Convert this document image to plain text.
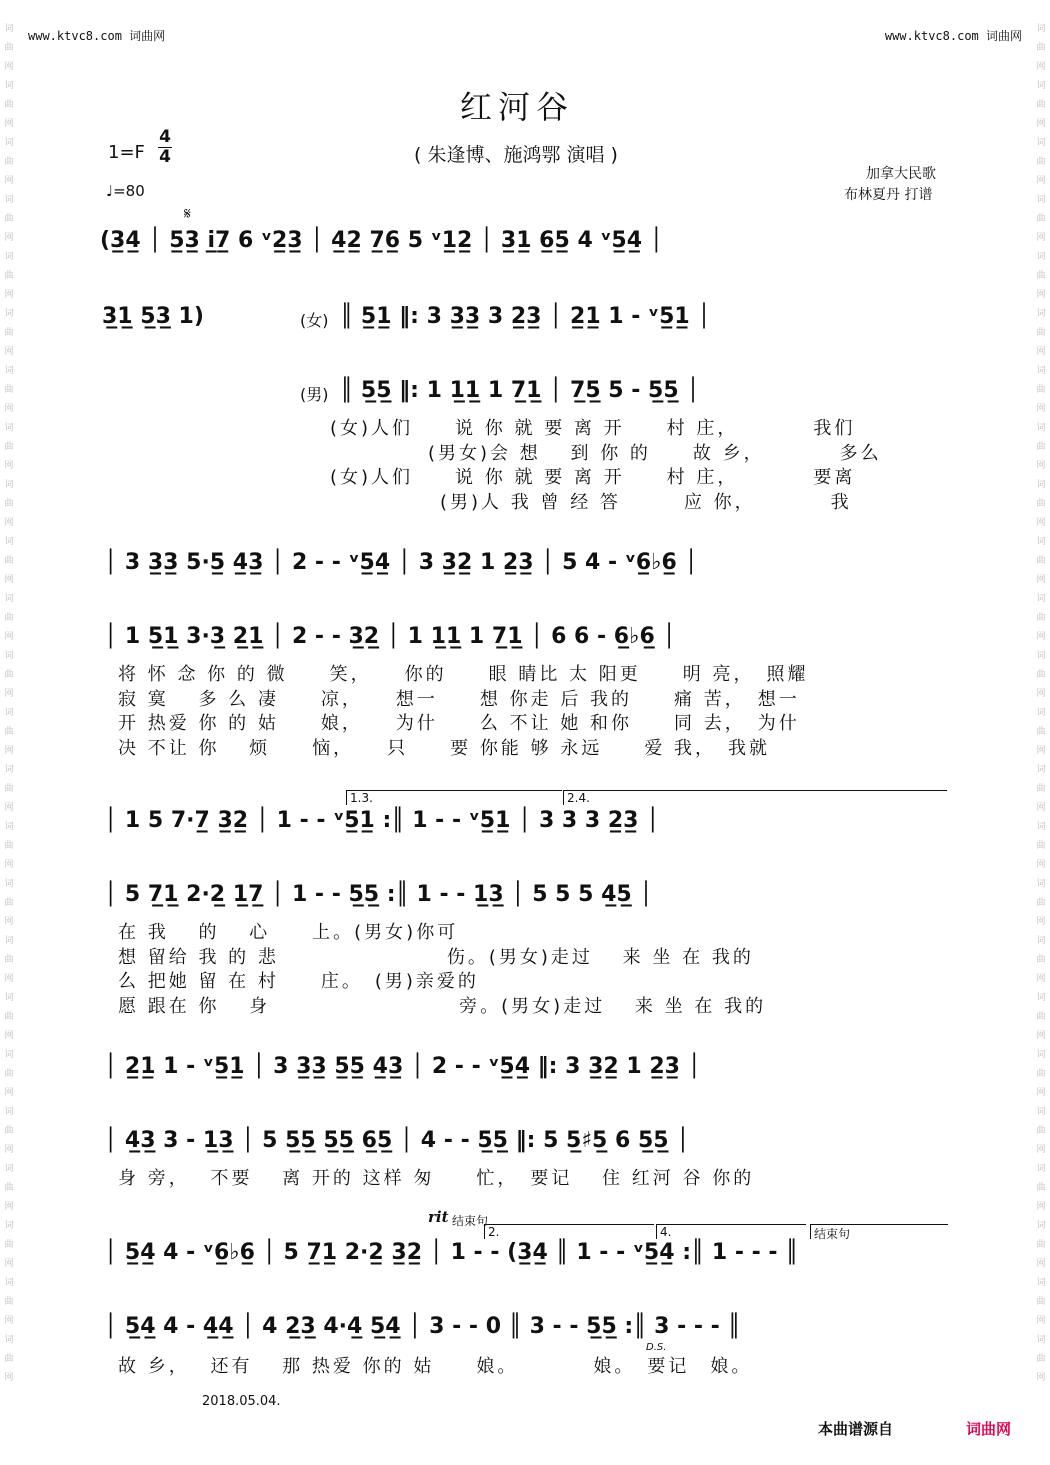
词曲网
词曲网
词曲网
词曲网
词曲网
词曲网
词曲网
词曲网
词曲网
词曲网
词曲网
词曲网
词曲网
词曲网
词曲网
词曲网
词曲网
词曲网
词曲网
词曲网
词曲网
词曲网
词曲网
词曲网
词曲网
词曲网
词曲网
词曲网
词曲网
词曲网
词曲网
词曲网
词曲网
词曲网
词曲网
词曲网
词曲网
词曲网
词曲网
词曲网
词曲网
词曲网
词曲网
词曲网
词曲网
词曲网
词曲网
词曲网
www.ktvc8.com 词曲网	www.ktvc8.com 词曲网
红河谷
( 朱逢博、施鸿鄂 演唱 )
1=F
4
4
♩=80
加拿大民歌
布林夏丹 打谱
𝄋
(3̲4̲ │ 5̲3̲ i̲7̲ 6 ᵛ2̲3̲ │ 4̲2̲ 7̲6̲ 5 ᵛ1̲2̲ │ 3̲1̲ 6̲5̲ 4 ᵛ5̲4̲ │
3̲1̲ 5̲3̲ 1)	(女) ║ 5̲1̲ ‖: 3 3̲3̲ 3 2̲3̲ │ 2̲1̲ 1 - ᵛ5̲1̲ │
(男) ║ 5̲5̲ ‖: 1 1̲1̲ 1 7̲1̲ │ 7̲5̲ 5 - 5̲5̲ │
(女)人们　　说 你 就 要 离 开　　村 庄，　　　　我们
(男女)会 想　 到 你 的　　故 乡，　　　　多么
(女)人们　　说 你 就 要 离 开　　村 庄，　　　　要离
(男)人 我 曾 经 答　　　应 你，　　　　我
│ 3 3̲3̲ 5·5̲ 4̲3̲ │ 2 - - ᵛ5̲4̲ │ 3 3̲2̲ 1 2̲3̲ │ 5 4 - ᵛ6̲♭6̲ │
│ 1 5̲1̲ 3·3̲ 2̲1̲ │ 2 - - 3̲2̲ │ 1 1̲1̲ 1 7̲1̲ │ 6 6 - 6̲♭6̲ │
将 怀 念 你 的 微　　笑，　　你的　　眼 睛比 太 阳更　　明 亮，　照耀
寂 寞　 多 么 凄　　凉，　　想一　　想 你走 后 我的　　痛 苦，　想一
开 热爱 你 的 姑　　娘，　　为什　　么 不让 她 和你　　同 去，　为什
决 不让 你　 烦　　恼，　　只　　要 你能 够 永远　　爱 我，　我就
1.3.	2.4.
│ 1 5 7·7̲ 3̲2̲ │ 1 - - ᵛ5̲1̲ :║ 1 - - ᵛ5̲1̲ │ 3 3 3 2̲3̲ │
│ 5 7̲1̲ 2·2̲ 1̲7̲ │ 1 - - 5̲5̲ :║ 1 - - 1̲3̲ │ 5 5 5 4̲5̲ │
在 我　 的　 心　　上。(男女)你可
想 留给 我 的 悲　　　　　　　　伤。(男女)走过　 来 坐 在 我的
么 把她 留 在 村　　庄。　(男)亲爱的
愿 跟在 你　 身　　　　　　　　　旁。(男女)走过　 来 坐 在 我的
│ 2̲1̲ 1 - ᵛ5̲1̲ │ 3 3̲3̲ 5̲5̲ 4̲3̲ │ 2 - - ᵛ5̲4̲ ‖: 3 3̲2̲ 1 2̲3̲ │
│ 4̲3̲ 3 - 1̲3̲ │ 5 5̲5̲ 5̲5̲ 6̲5̲ │ 4 - - 5̲5̲ ‖: 5 5̲♯5̲ 6 5̲5̲ │
身 旁，　 不要　 离 开的 这样 匆　　忙，　要记　 住 红河 谷 你的
rit 结束句
2.	4.	结束句
│ 5̲4̲ 4 - ᵛ6̲♭6̲ │ 5 7̲1̲ 2·2̲ 3̲2̲ │ 1 - - (3̲4̲ ║ 1 - - ᵛ5̲4̲ :║ 1 - - - ║
│ 5̲4̲ 4 - 4̲4̲ │ 4 2̲3̲ 4·4̲ 5̲4̲ │ 3 - - 0 ║ 3 - - 5̲5̲ :║ 3 - - - ║
D.S.
故 乡，　 还有　 那 热爱 你的 姑　　娘。　　　　娘。　要记　娘。
2018.05.04.
本曲谱源自	词曲网
